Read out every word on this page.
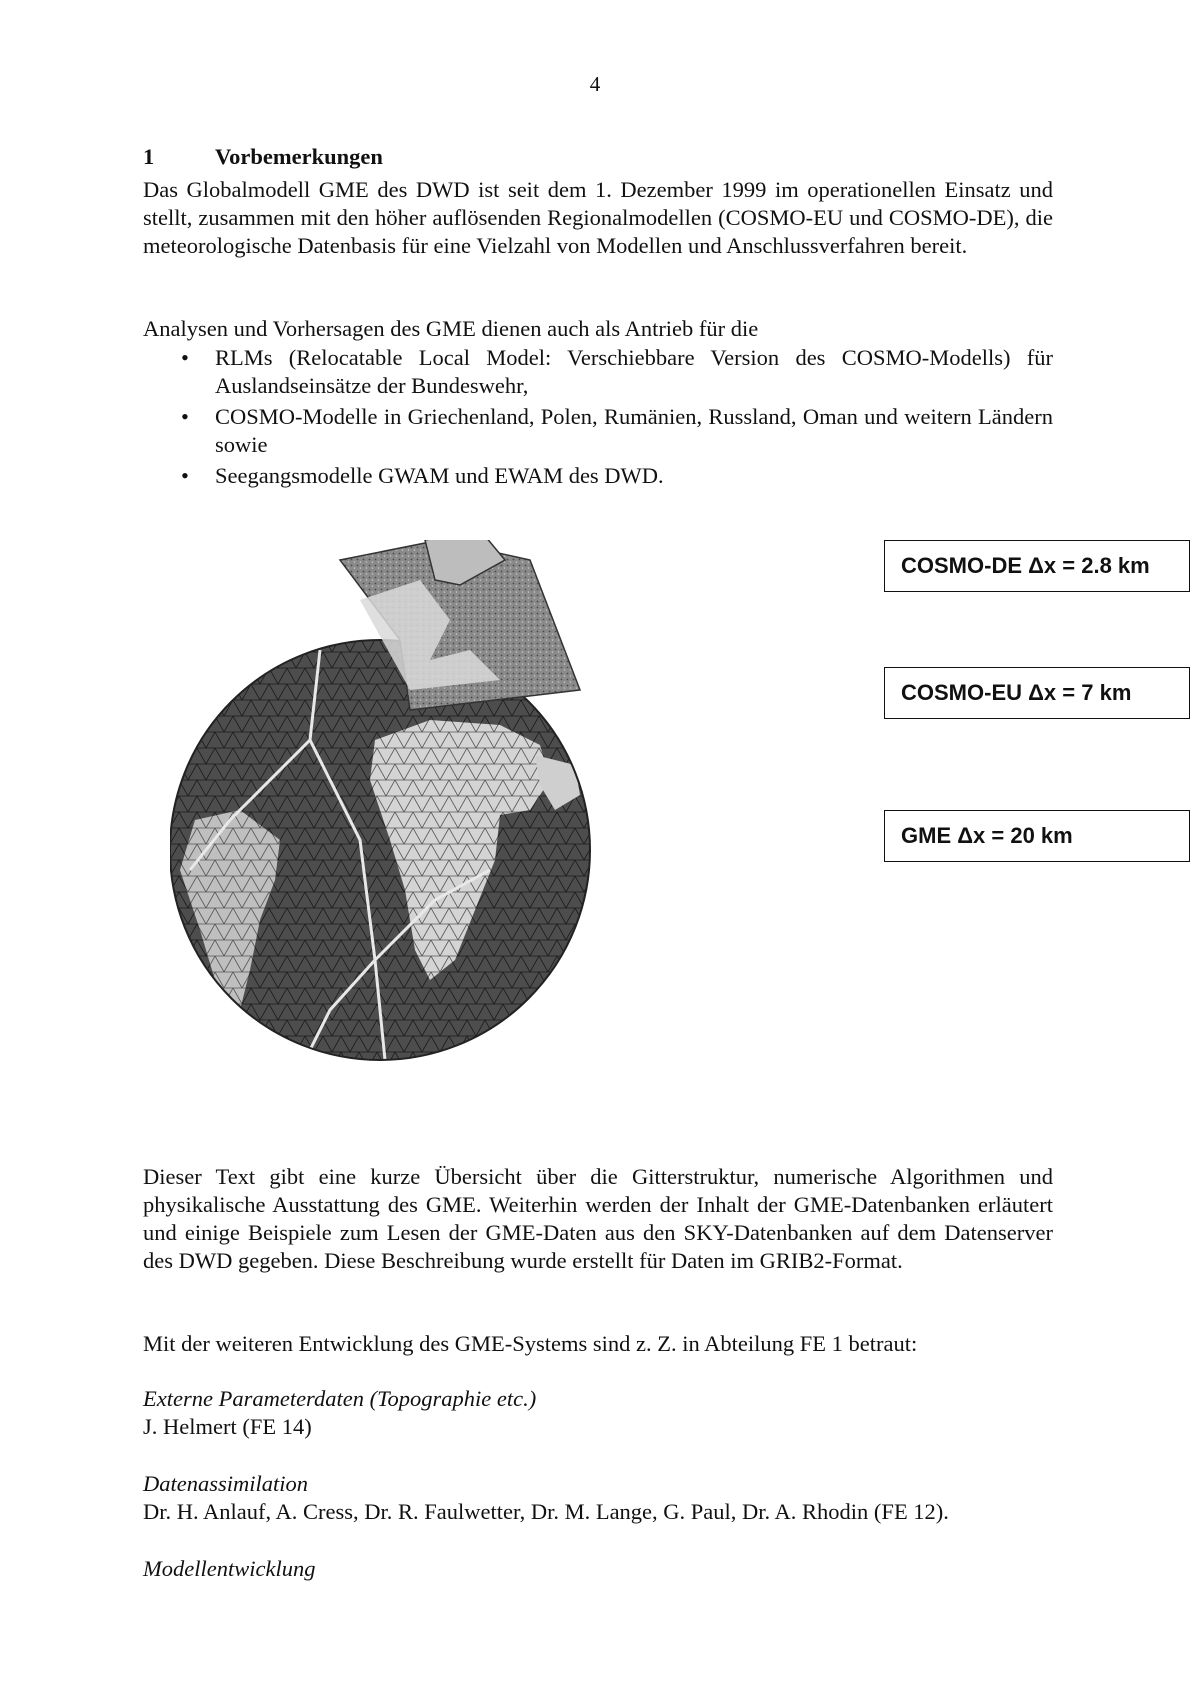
4
1	Vorbemerkungen
Das Globalmodell GME des DWD ist seit dem 1. Dezember 1999 im operationellen Einsatz und stellt, zusammen mit den höher auflösenden Regionalmodellen (COSMO-EU und COSMO-DE), die meteorologische Datenbasis für eine Vielzahl von Modellen und Anschlussverfahren bereit.
Analysen und Vorhersagen des GME dienen auch als Antrieb für die
• RLMs (Relocatable Local Model: Verschiebbare Version des COSMO-Modells) für Auslandseinsätze der Bundeswehr,
• COSMO-Modelle in Griechenland, Polen, Rumänien, Russland, Oman und weitern Ländern sowie
• Seegangsmodelle GWAM und EWAM des DWD.
COSMO-DE Δx = 2.8 km
COSMO-EU Δx = 7 km
GME Δx = 20 km
Dieser Text gibt eine kurze Übersicht über die Gitterstruktur, numerische Algorithmen und physikalische Ausstattung des GME. Weiterhin werden der Inhalt der GME-Datenbanken erläutert und einige Beispiele zum Lesen der GME-Daten aus den SKY-Datenbanken auf dem Datenserver des DWD gegeben. Diese Beschreibung wurde erstellt für Daten im GRIB2-Format.
Mit der weiteren Entwicklung des GME-Systems sind z. Z. in Abteilung FE 1 betraut:
Externe Parameterdaten (Topographie etc.)
J. Helmert (FE 14)
Datenassimilation
Dr. H. Anlauf, A. Cress, Dr. R. Faulwetter, Dr. M. Lange, G. Paul, Dr. A. Rhodin (FE 12).
Modellentwicklung
